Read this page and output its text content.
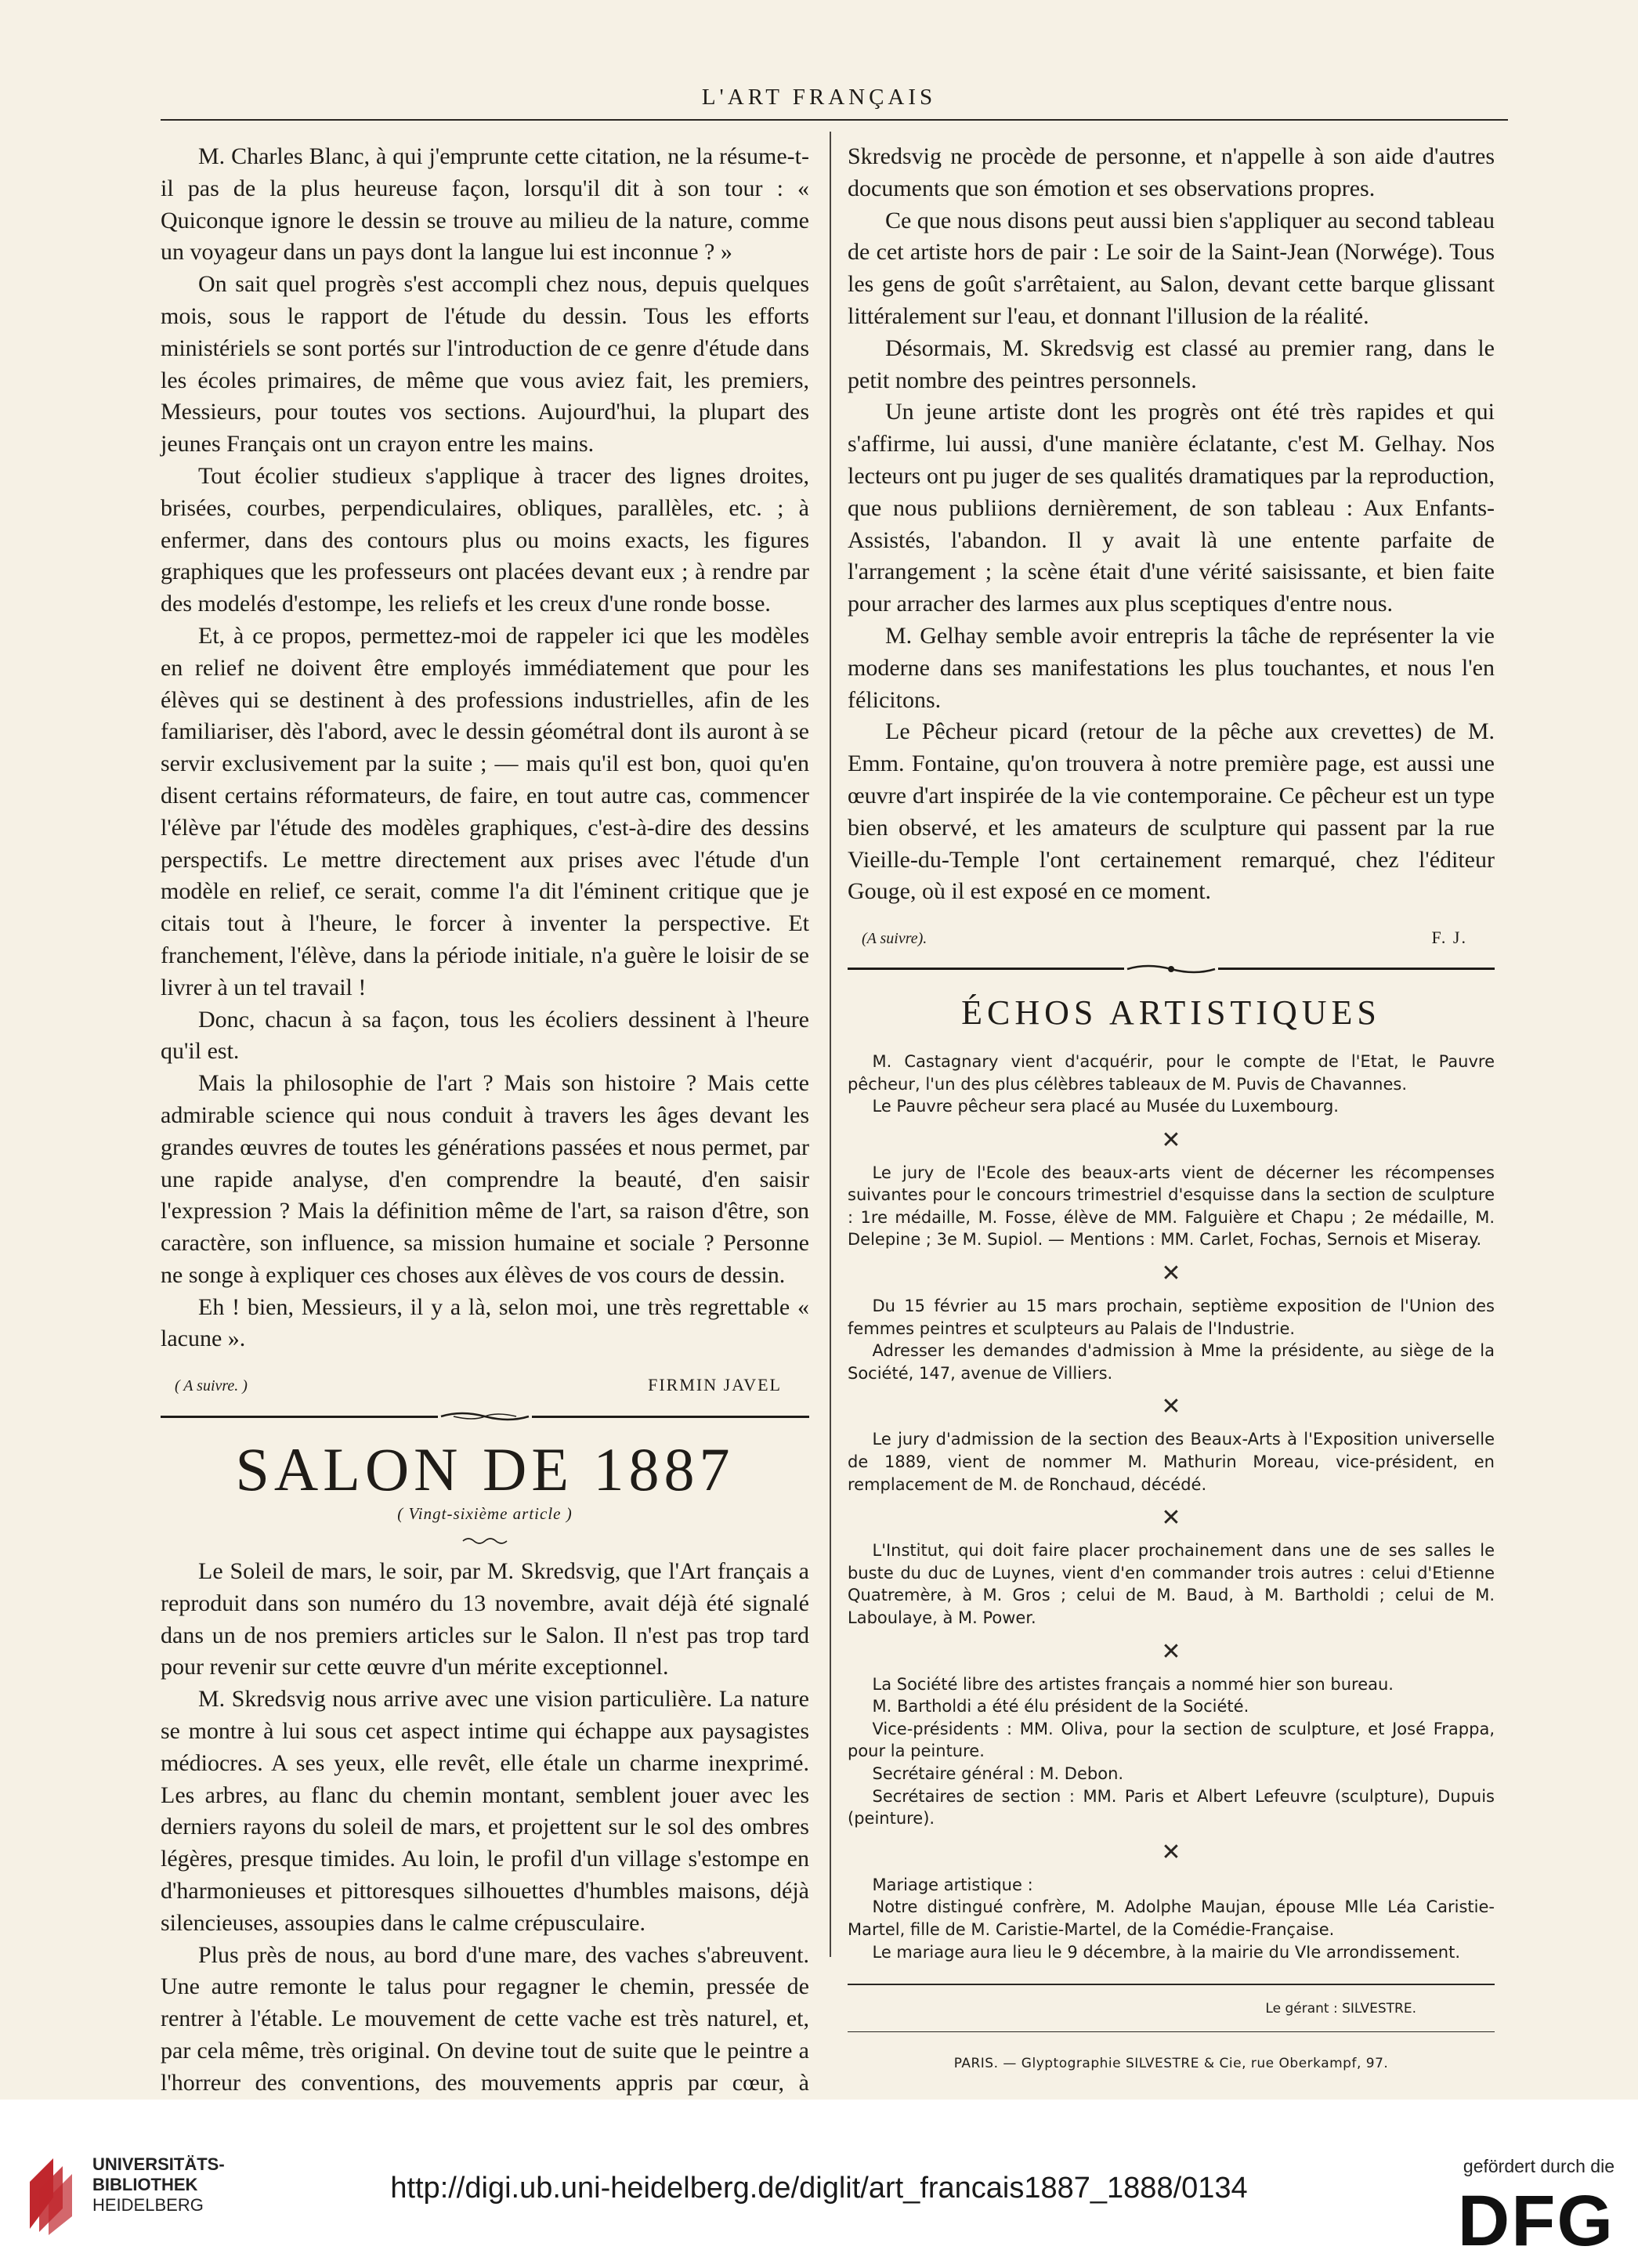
L'ART FRANÇAIS

M. Charles Blanc, à qui j'emprunte cette citation, ne la résume-t-il pas de la plus heureuse façon, lorsqu'il dit à son tour : « Quiconque ignore le dessin se trouve au milieu de la nature, comme un voyageur dans un pays dont la langue lui est inconnue ? »

On sait quel progrès s'est accompli chez nous, depuis quelques mois, sous le rapport de l'étude du dessin. Tous les efforts ministériels se sont portés sur l'introduction de ce genre d'étude dans les écoles primaires, de même que vous aviez fait, les premiers, Messieurs, pour toutes vos sections. Aujourd'hui, la plupart des jeunes Français ont un crayon entre les mains.

Tout écolier studieux s'applique à tracer des lignes droites, brisées, courbes, perpendiculaires, obliques, parallèles, etc. ; à enfermer, dans des contours plus ou moins exacts, les figures graphiques que les professeurs ont placées devant eux ; à rendre par des modelés d'estompe, les reliefs et les creux d'une ronde bosse.

Et, à ce propos, permettez-moi de rappeler ici que les modèles en relief ne doivent être employés immédiatement que pour les élèves qui se destinent à des professions industrielles, afin de les familiariser, dès l'abord, avec le dessin géométral dont ils auront à se servir exclusivement par la suite ; — mais qu'il est bon, quoi qu'en disent certains réformateurs, de faire, en tout autre cas, commencer l'élève par l'étude des modèles graphiques, c'est-à-dire des dessins perspectifs. Le mettre directement aux prises avec l'étude d'un modèle en relief, ce serait, comme l'a dit l'éminent critique que je citais tout à l'heure, le forcer à inventer la perspective. Et franchement, l'élève, dans la période initiale, n'a guère le loisir de se livrer à un tel travail !

Donc, chacun à sa façon, tous les écoliers dessinent à l'heure qu'il est.

Mais la philosophie de l'art ? Mais son histoire ? Mais cette admirable science qui nous conduit à travers les âges devant les grandes œuvres de toutes les générations passées et nous permet, par une rapide analyse, d'en comprendre la beauté, d'en saisir l'expression ? Mais la définition même de l'art, sa raison d'être, son caractère, son influence, sa mission humaine et sociale ? Personne ne songe à expliquer ces choses aux élèves de vos cours de dessin.

Eh ! bien, Messieurs, il y a là, selon moi, une très regrettable « lacune ».

( A suivre. )	FIRMIN JAVEL
SALON DE 1887
( Vingt-sixième article )

Le Soleil de mars, le soir, par M. Skredsvig, que l'Art français a reproduit dans son numéro du 13 novembre, avait déjà été signalé dans un de nos premiers articles sur le Salon. Il n'est pas trop tard pour revenir sur cette œuvre d'un mérite exceptionnel.

M. Skredsvig nous arrive avec une vision particulière. La nature se montre à lui sous cet aspect intime qui échappe aux paysagistes médiocres. A ses yeux, elle revêt, elle étale un charme inexprimé. Les arbres, au flanc du chemin montant, semblent jouer avec les derniers rayons du soleil de mars, et projettent sur le sol des ombres légères, presque timides. Au loin, le profil d'un village s'estompe en d'harmonieuses et pittoresques silhouettes d'humbles maisons, déjà silencieuses, assoupies dans le calme crépusculaire.

Plus près de nous, au bord d'une mare, des vaches s'abreuvent. Une autre remonte le talus pour regagner le chemin, pressée de rentrer à l'étable. Le mouvement de cette vache est très naturel, et, par cela même, très original. On devine tout de suite que le peintre a l'horreur des conventions, des mouvements appris par cœur, à

Skredsvig ne procède de personne, et n'appelle à son aide d'autres documents que son émotion et ses observations propres.

Ce que nous disons peut aussi bien s'appliquer au second tableau de cet artiste hors de pair : Le soir de la Saint-Jean (Norwége). Tous les gens de goût s'arrêtaient, au Salon, devant cette barque glissant littéralement sur l'eau, et donnant l'illusion de la réalité.

Désormais, M. Skredsvig est classé au premier rang, dans le petit nombre des peintres personnels.

Un jeune artiste dont les progrès ont été très rapides et qui s'affirme, lui aussi, d'une manière éclatante, c'est M. Gelhay. Nos lecteurs ont pu juger de ses qualités dramatiques par la reproduction, que nous publiions dernièrement, de son tableau : Aux Enfants-Assistés, l'abandon. Il y avait là une entente parfaite de l'arrangement ; la scène était d'une vérité saisissante, et bien faite pour arracher des larmes aux plus sceptiques d'entre nous.

M. Gelhay semble avoir entrepris la tâche de représenter la vie moderne dans ses manifestations les plus touchantes, et nous l'en félicitons.

Le Pêcheur picard (retour de la pêche aux crevettes) de M. Emm. Fontaine, qu'on trouvera à notre première page, est aussi une œuvre d'art inspirée de la vie contemporaine. Ce pêcheur est un type bien observé, et les amateurs de sculpture qui passent par la rue Vieille-du-Temple l'ont certainement remarqué, chez l'éditeur Gouge, où il est exposé en ce moment.

(A suivre).	F. J.
ÉCHOS ARTISTIQUES

M. Castagnary vient d'acquérir, pour le compte de l'Etat, le Pauvre pêcheur, l'un des plus célèbres tableaux de M. Puvis de Chavannes.

Le Pauvre pêcheur sera placé au Musée du Luxembourg.

✕

Le jury de l'Ecole des beaux-arts vient de décerner les récompenses suivantes pour le concours trimestriel d'esquisse dans la section de sculpture : 1re médaille, M. Fosse, élève de MM. Falguière et Chapu ; 2e médaille, M. Delepine ; 3e M. Supiol. — Mentions : MM. Carlet, Fochas, Sernois et Miseray.

✕

Du 15 février au 15 mars prochain, septième exposition de l'Union des femmes peintres et sculpteurs au Palais de l'Industrie.

Adresser les demandes d'admission à Mme la présidente, au siège de la Société, 147, avenue de Villiers.

✕

Le jury d'admission de la section des Beaux-Arts à l'Exposition universelle de 1889, vient de nommer M. Mathurin Moreau, vice-président, en remplacement de M. de Ronchaud, décédé.

✕

L'Institut, qui doit faire placer prochainement dans une de ses salles le buste du duc de Luynes, vient d'en commander trois autres : celui d'Etienne Quatremère, à M. Gros ; celui de M. Baud, à M. Bartholdi ; celui de M. Laboulaye, à M. Power.

✕

La Société libre des artistes français a nommé hier son bureau.

M. Bartholdi a été élu président de la Société.

Vice-présidents : MM. Oliva, pour la section de sculpture, et José Frappa, pour la peinture.

Secrétaire général : M. Debon.

Secrétaires de section : MM. Paris et Albert Lefeuvre (sculpture), Dupuis (peinture).

✕

Mariage artistique :

Notre distingué confrère, M. Adolphe Maujan, épouse Mlle Léa Caristie-Martel, fille de M. Caristie-Martel, de la Comédie-Française.

Le mariage aura lieu le 9 décembre, à la mairie du VIe arrondissement.

Le gérant : SILVESTRE.
PARIS. — Glyptographie SILVESTRE & Cie, rue Oberkampf, 97.
UNIVERSITÄTS-
BIBLIOTHEK
HEIDELBERG
http://digi.ub.uni-heidelberg.de/diglit/art_francais1887_1888/0134
gefördert durch die
DFG
